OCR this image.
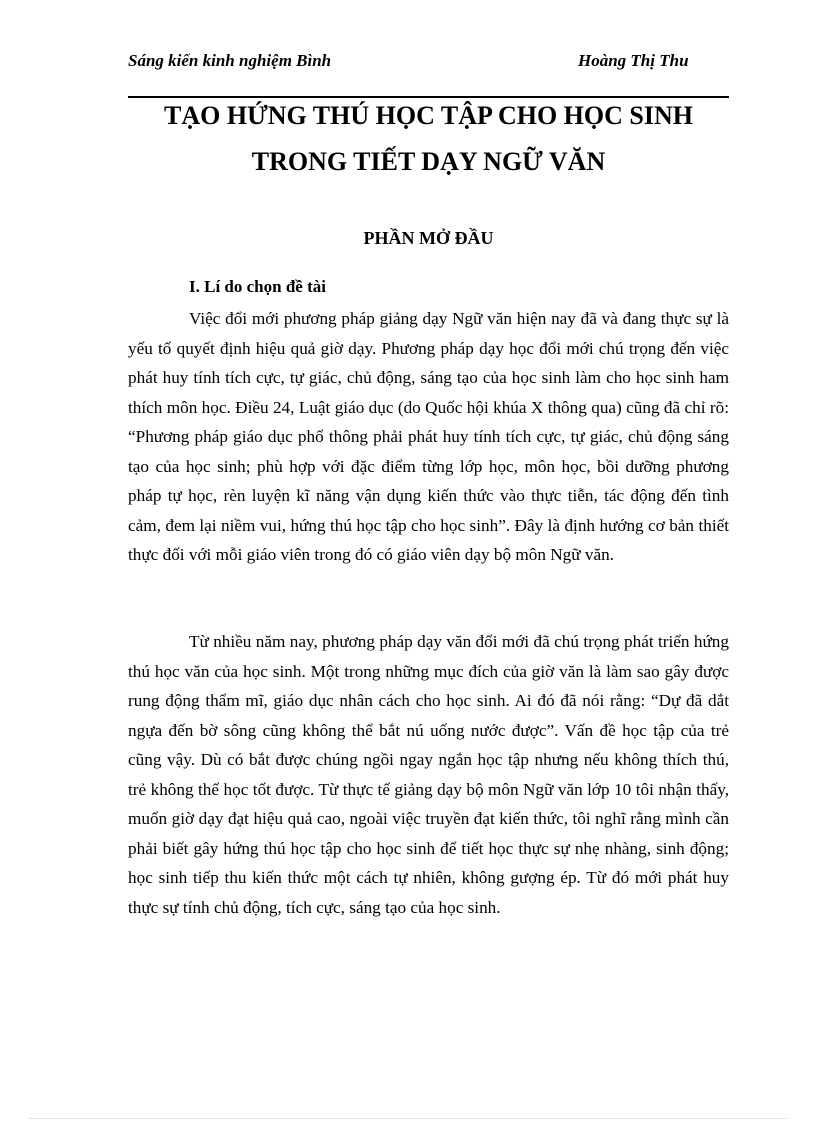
Sáng kiến kinh nghiệm Bình	Hoàng Thị Thu
TẠO HỨNG THÚ HỌC TẬP CHO HỌC SINH
TRONG TIẾT DẠY NGỮ VĂN
PHẦN MỞ ĐẦU
I. Lí do chọn đề tài

Việc đổi mới phương pháp giảng dạy Ngữ văn hiện nay đã và đang thực sự là yếu tố quyết định hiệu quả giờ dạy. Phương pháp dạy học đổi mới chú trọng đến việc phát huy tính tích cực, tự giác, chủ động, sáng tạo của học sinh làm cho học sinh ham thích môn học. Điều 24, Luật giáo dục (do Quốc hội khúa X thông qua) cũng đã chỉ rõ: “Phương pháp giáo dục phổ thông phải phát huy tính tích cực, tự giác, chủ động sáng tạo của học sinh; phù hợp với đặc điểm từng lớp học, môn học, bồi dưỡng phương pháp tự học, rèn luyện kĩ năng vận dụng kiến thức vào thực tiễn, tác động đến tình cảm, đem lại niềm vui, hứng thú học tập cho học sinh”. Đây là định hướng cơ bản thiết thực đối với mỗi giáo viên trong đó có giáo viên dạy bộ môn Ngữ văn.

Từ nhiều năm nay, phương pháp dạy văn đổi mới đã chú trọng phát triển hứng thú học văn của học sinh. Một trong những mục đích của giờ văn là làm sao gây được rung động thẩm mĩ, giáo dục nhân cách cho học sinh. Ai đó đã nói rằng: “Dự đã dắt ngựa đến bờ sông cũng không thể bắt nú uống nước được”. Vấn đề học tập của trẻ cũng vậy. Dù có bắt được chúng ngồi ngay ngắn học tập nhưng nếu không thích thú, trẻ không thể học tốt được. Từ thực tế giảng dạy bộ môn Ngữ văn lớp 10 tôi nhận thấy, muốn giờ dạy đạt hiệu quả cao, ngoài việc truyền đạt kiến thức, tôi nghĩ rằng mình cần phải biết gây hứng thú học tập cho học sinh để tiết học thực sự nhẹ nhàng, sinh động; học sinh tiếp thu kiến thức một cách tự nhiên, không gượng ép. Từ đó mới phát huy thực sự tính chủ động, tích cực, sáng tạo của học sinh.
